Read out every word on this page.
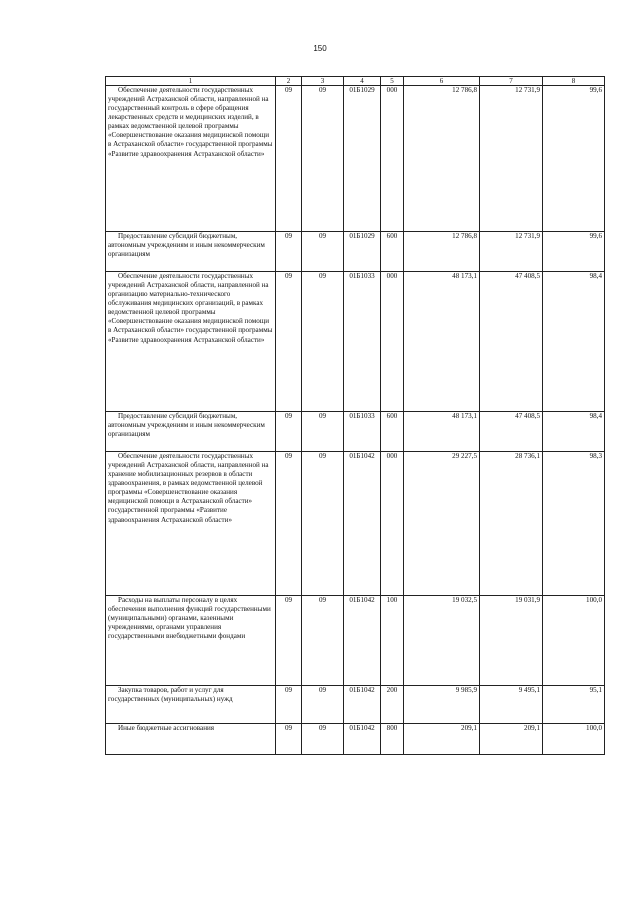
150
1	2	3	4	5	6	7	8
Обеспечение деятельности государственных учреждений Астраханской области, направленной на государственный контроль в сфере обращения лекарственных средств и медицинских изделий, в рамках ведомственной целевой программы «Совершенствование оказания медицинской помощи в Астраханской области» государственной программы «Развитие здравоохранения Астраханской области»	09	09	01Б1029	000	12 786,8	12 731,9	99,6
Предоставление субсидий бюджетным, автономным учреждениям и иным некоммерческим организациям	09	09	01Б1029	600	12 786,8	12 731,9	99,6
Обеспечение деятельности государственных учреждений Астраханской области, направленной на организацию материально-технического обслуживания медицинских организаций, в рамках ведомственной целевой программы «Совершенствование оказания медицинской помощи в Астраханской области» государственной программы «Развитие здравоохранения Астраханской области»	09	09	01Б1033	000	48 173,1	47 408,5	98,4
Предоставление субсидий бюджетным, автономным учреждениям и иным некоммерческим организациям	09	09	01Б1033	600	48 173,1	47 408,5	98,4
Обеспечение деятельности государственных учреждений Астраханской области, направленной на хранение мобилизационных резервов в области здравоохранения, в рамках ведомственной целевой программы «Совершенствование оказания медицинской помощи в Астраханской области» государственной программы «Развитие здравоохранения Астраханской области»	09	09	01Б1042	000	29 227,5	28 736,1	98,3
Расходы на выплаты персоналу в целях обеспечения выполнения функций государственными (муниципальными) органами, казенными учреждениями, органами управления государственными внебюджетными фондами	09	09	01Б1042	100	19 032,5	19 031,9	100,0
Закупка товаров, работ и услуг для государственных (муниципальных) нужд	09	09	01Б1042	200	9 985,9	9 495,1	95,1
Иные бюджетные ассигнования	09	09	01Б1042	800	209,1	209,1	100,0
